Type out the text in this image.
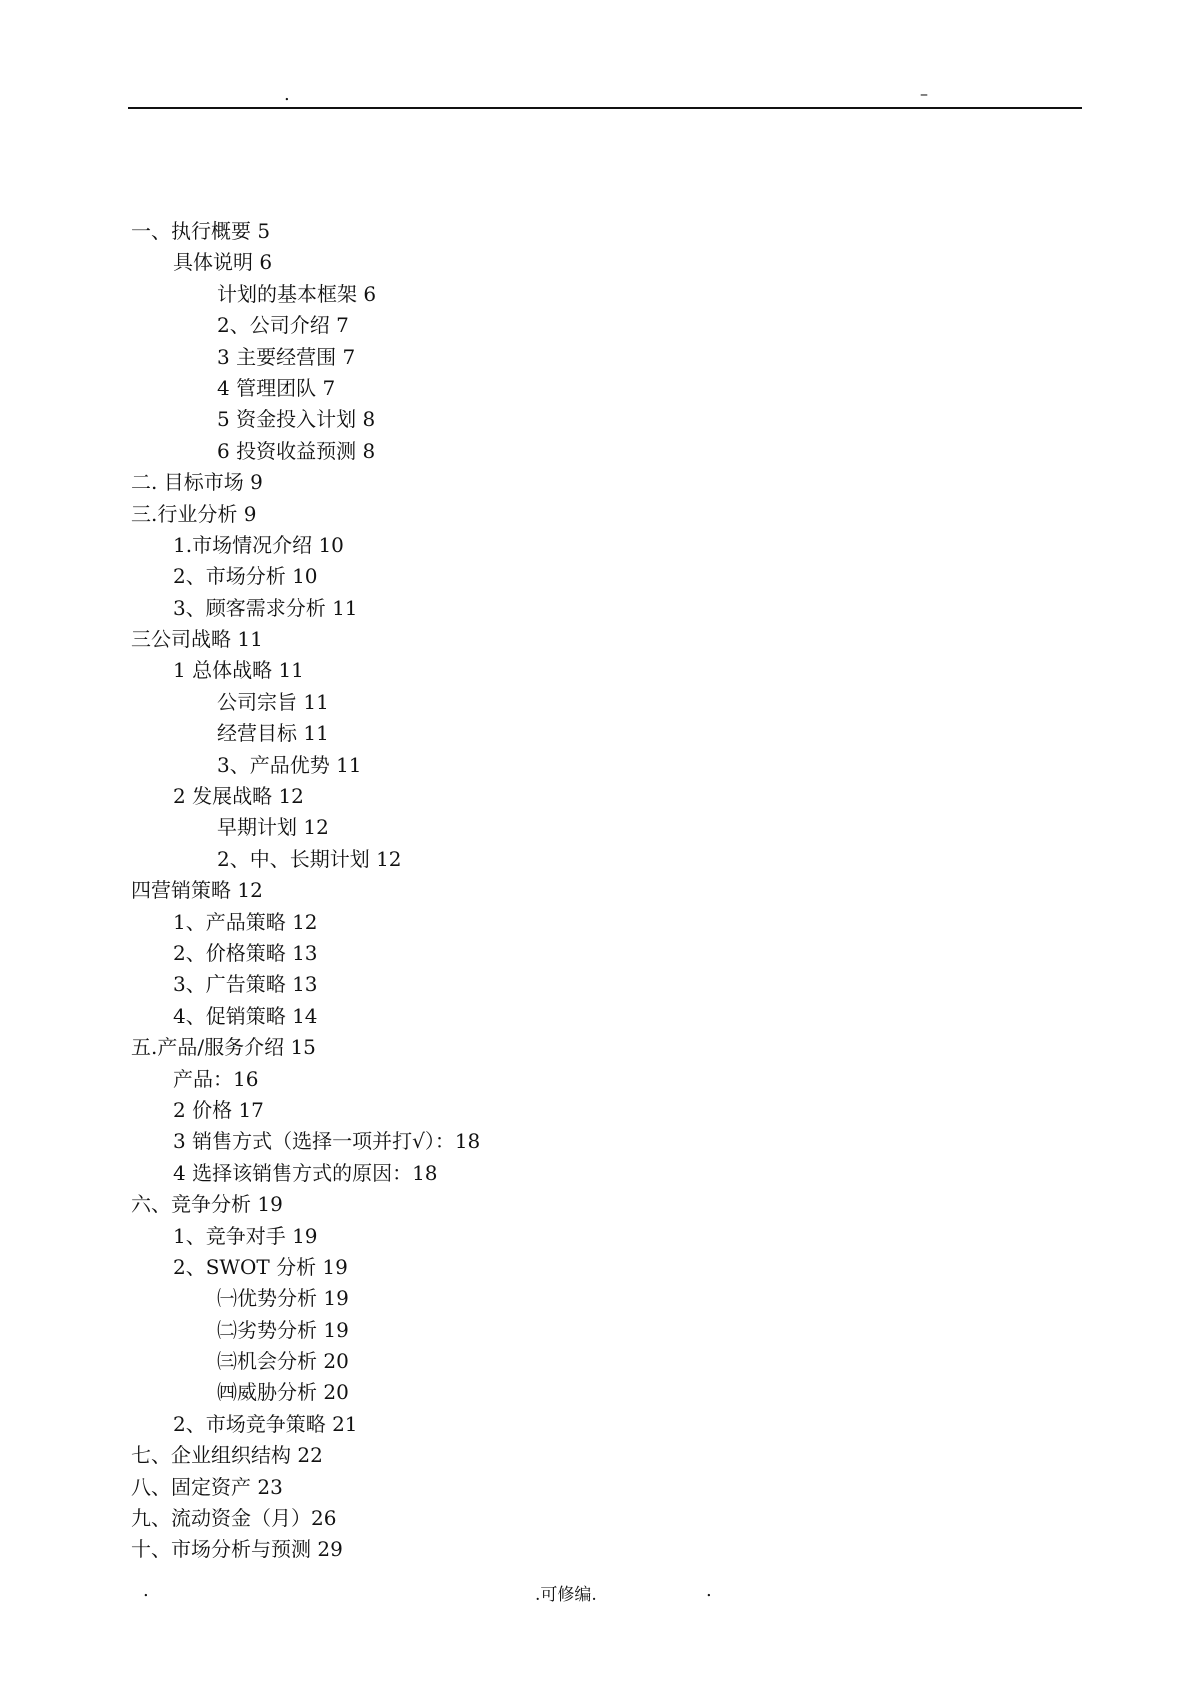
.	–
一、执行概要 5
具体说明 6
计划的基本框架 6
2、公司介绍 7
3 主要经营围 7
4 管理团队 7
5 资金投入计划 8
6 投资收益预测 8
二. 目标市场 9
三.行业分析 9
1.市场情况介绍 10
2、市场分析 10
3、顾客需求分析 11
三公司战略 11
1 总体战略 11
公司宗旨 11
经营目标 11
3、产品优势 11
2 发展战略 12
早期计划 12
2、中、长期计划 12
四营销策略 12
1、产品策略 12
2、价格策略 13
3、广告策略 13
4、促销策略 14
五.产品/服务介绍 15
产品：16
2 价格 17
3 销售方式（选择一项并打√）：18
4 选择该销售方式的原因：18
六、竞争分析 19
1、竞争对手 19
2、SWOT 分析 19
㈠优势分析 19
㈡劣势分析 19
㈢机会分析 20
㈣威胁分析 20
2、市场竞争策略 21
七、企业组织结构 22
八、固定资产 23
九、流动资金（月）26
十、市场分析与预测 29
.	.可修编.	.
